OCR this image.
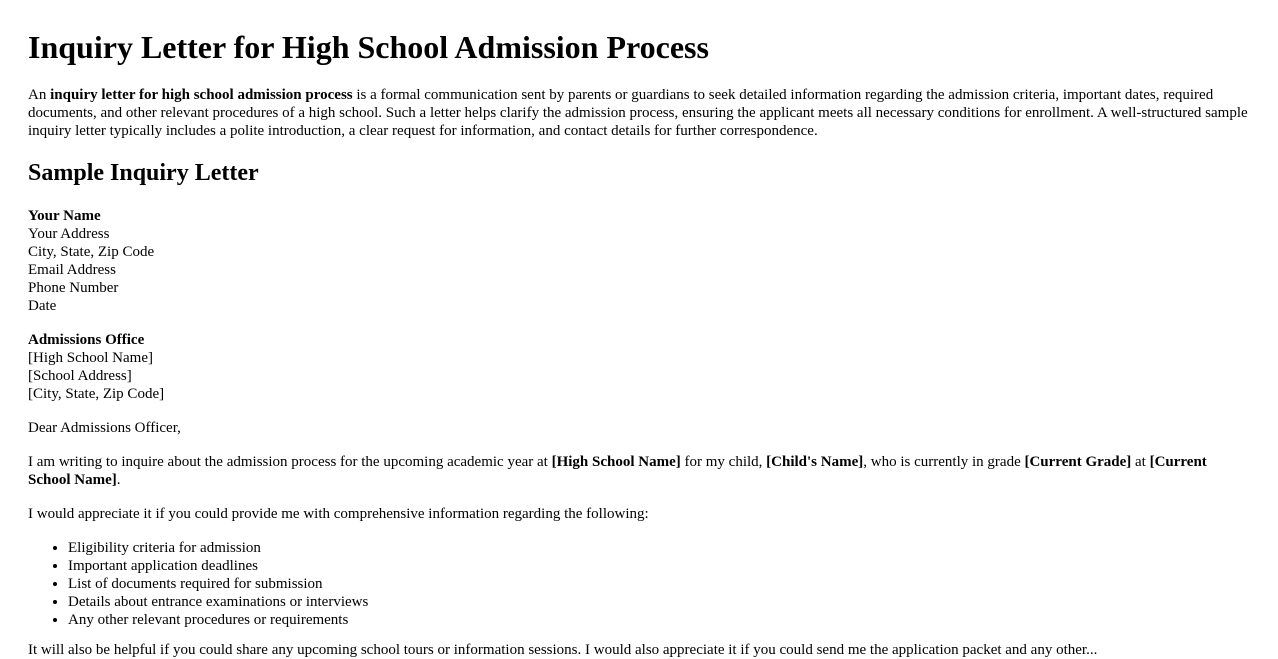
Inquiry Letter for High School Admission Process

An inquiry letter for high school admission process is a formal communication sent by parents or guardians to seek detailed information regarding the admission criteria, important dates, required documents, and other relevant procedures of a high school. Such a letter helps clarify the admission process, ensuring the applicant meets all necessary conditions for enrollment. A well-structured sample inquiry letter typically includes a polite introduction, a clear request for information, and contact details for further correspondence.

Sample Inquiry Letter
Your Name
Your Address
City, State, Zip Code
Email Address
Phone Number
Date
Admissions Office
[High School Name]
[School Address]
[City, State, Zip Code]
Dear Admissions Officer,

I am writing to inquire about the admission process for the upcoming academic year at [High School Name] for my child, [Child's Name], who is currently in grade [Current Grade] at [Current School Name].

I would appreciate it if you could provide me with comprehensive information regarding the following:
• Eligibility criteria for admission
• Important application deadlines
• List of documents required for submission
• Details about entrance examinations or interviews
• Any other relevant procedures or requirements
It will also be helpful if you could share any upcoming school tours or information sessions. I would also appreciate it if you could send me the application packet and any other...
